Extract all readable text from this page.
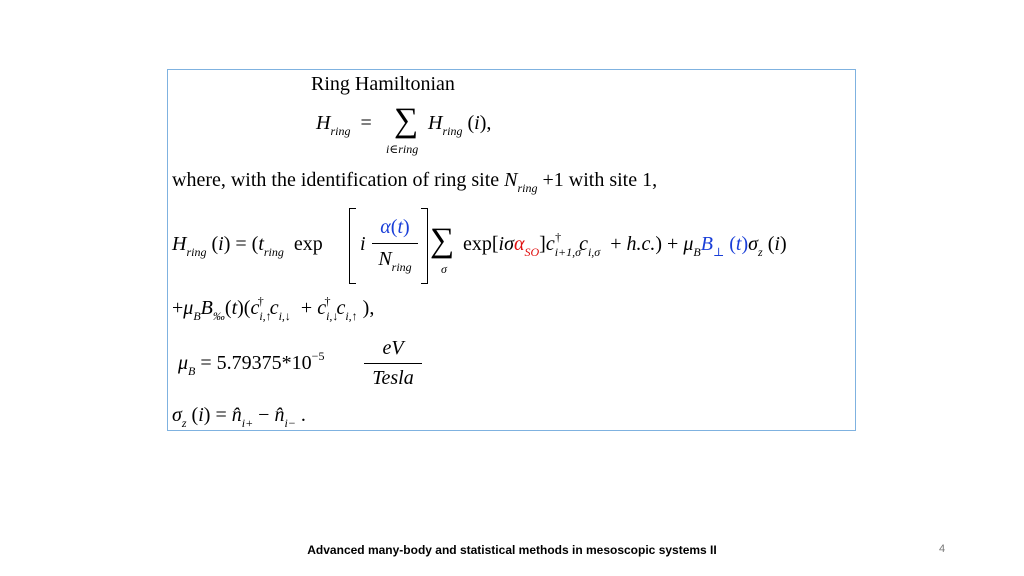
Ring Hamiltonian
$H_{ring}$  = ∑
i∈ring
$H_{ring}$ (i),
where, with the identification of ring site $N_{ring} +1$ with site 1,
$H_{ring}$ $(i) = (t_{ring}$  exp i
α(t)
$N_{ring}$
∑
σ
$\exp[i\sigma\alpha_{SO}]c_{i+1,\sigma}^\dagger$ $c_{i,\sigma} + h.c.) + \mu_BB_\perp$ $(t)\sigma_z$ (i)
$+\mu_BB_‰(t)(c_{i,↑}^\dagger$ $c_{i,↓} + c_{i,↓}^\dagger$ $c_{i,↑}$ ),
$\mu_B = 5.79375*10^{-5}$	eV
Tesla
$\sigma_z$ $(i) = n̂_{i+}$ − $n̂_{i-}$ .
Advanced many-body and statistical methods in mesoscopic systems II	4
